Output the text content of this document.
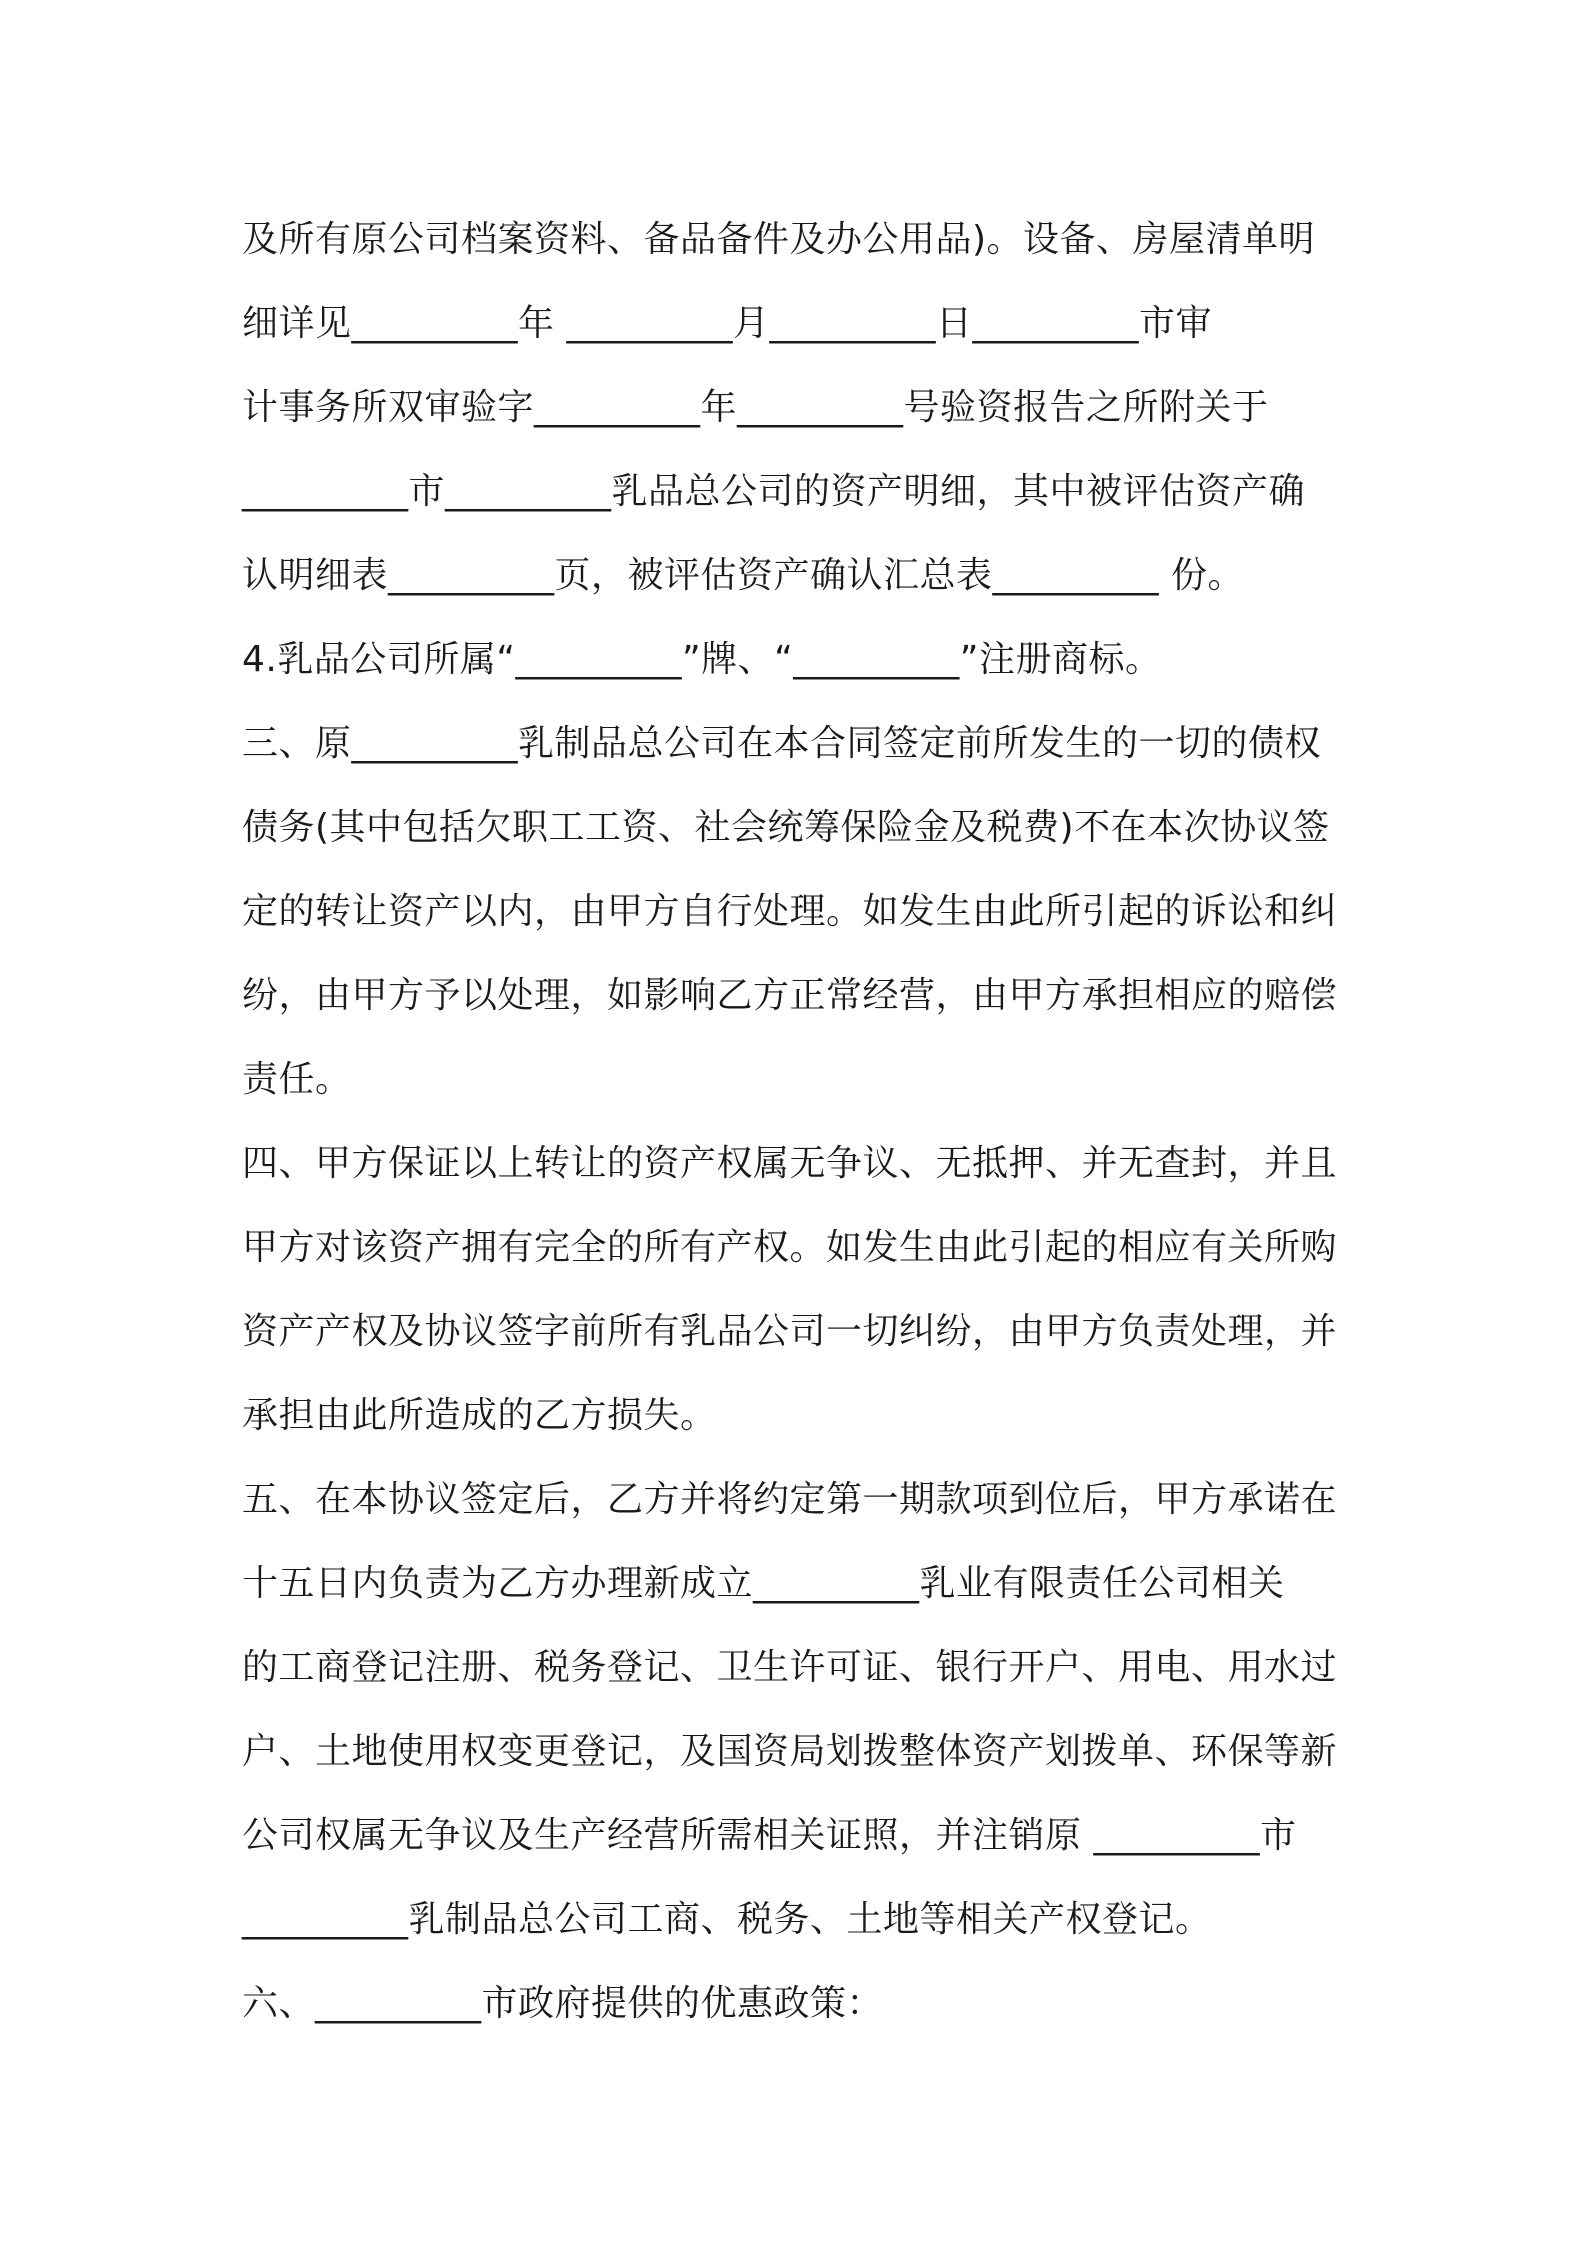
及所有原公司档案资料、备品备件及办公用品)。设备、房屋清单明
细详见_________年 _________月_________日_________市审
计事务所双审验字_________年_________号验资报告之所附关于
_________市_________乳品总公司的资产明细，其中被评估资产确
认明细表_________页，被评估资产确认汇总表_________ 份。
4.乳品公司所属“_________”牌、“_________”注册商标。
三、原_________乳制品总公司在本合同签定前所发生的一切的债权
债务(其中包括欠职工工资、社会统筹保险金及税费)不在本次协议签
定的转让资产以内，由甲方自行处理。如发生由此所引起的诉讼和纠
纷，由甲方予以处理，如影响乙方正常经营，由甲方承担相应的赔偿
责任。
四、甲方保证以上转让的资产权属无争议、无抵押、并无查封，并且
甲方对该资产拥有完全的所有产权。如发生由此引起的相应有关所购
资产产权及协议签字前所有乳品公司一切纠纷，由甲方负责处理，并
承担由此所造成的乙方损失。
五、在本协议签定后，乙方并将约定第一期款项到位后，甲方承诺在
十五日内负责为乙方办理新成立_________乳业有限责任公司相关
的工商登记注册、税务登记、卫生许可证、银行开户、用电、用水过
户、土地使用权变更登记，及国资局划拨整体资产划拨单、环保等新
公司权属无争议及生产经营所需相关证照，并注销原 _________市
_________乳制品总公司工商、税务、土地等相关产权登记。
六、_________市政府提供的优惠政策：
